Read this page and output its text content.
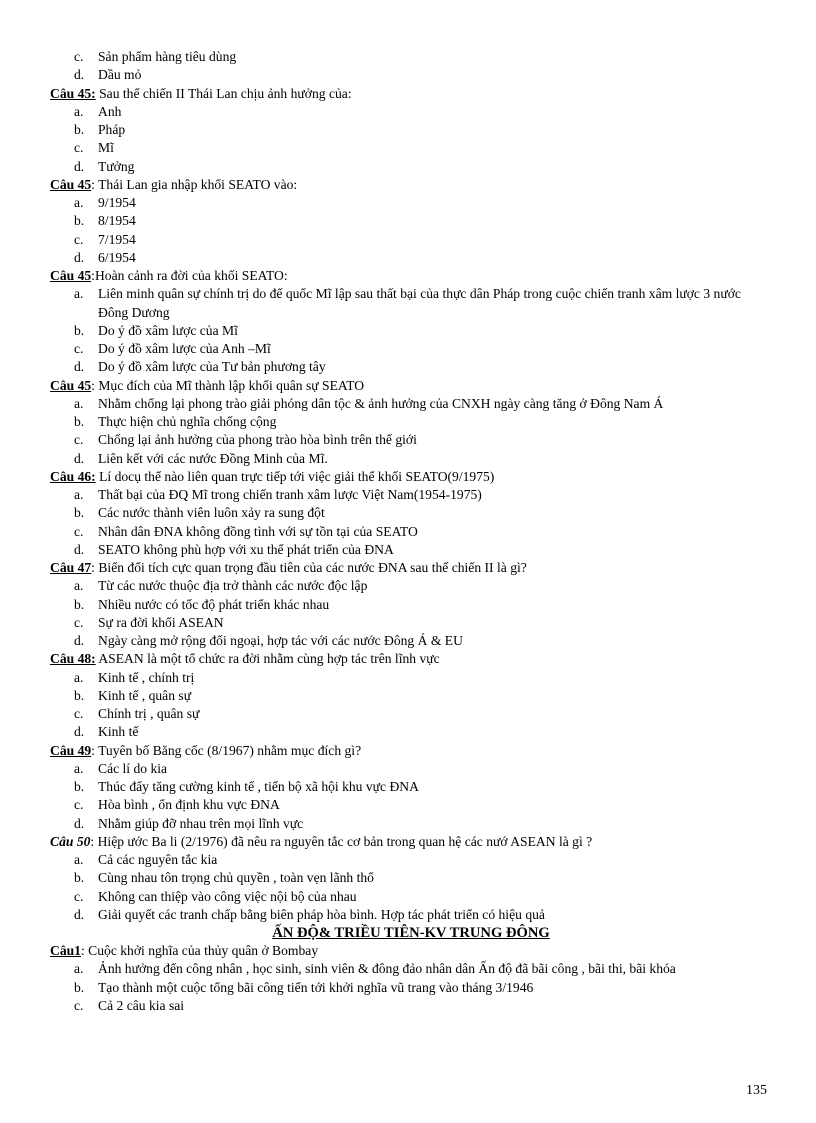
c.	Sản phẩm hàng tiêu dùng
d.	Dầu mỏ

Câu 45: Sau thế chiến II Thái Lan chịu ảnh hưởng của:

a.	Anh
b.	Pháp
c.	Mĩ
d.	Tưởng

Câu 45: Thái Lan gia nhập khối SEATO vào:

a.	9/1954
b.	8/1954
c.	7/1954
d.	6/1954

Câu 45:Hoàn cảnh ra đời của khối SEATO:

a.	Liên minh quân sự chính trị do đế quốc Mĩ lập sau thất bại của thực dân Pháp trong cuộc chiến tranh xâm lược 3 nước Đông Dương
b.	Do ý đồ xâm lược của Mĩ
c.	Do ý đồ xâm lược của Anh –Mĩ
d.	Do ý đồ xâm lược của Tư bản phương tây

Câu 45: Mục đích của Mĩ thành lập khối quân sự SEATO

a.	Nhằm chống lại phong trào giải phóng dân tộc & ảnh hưởng của CNXH ngày càng tăng ở Đông Nam Á
b.	Thực hiện chủ nghĩa chống cộng
c.	Chống lại ảnh hưởng của phong trào hòa bình trên thế giới
d.	Liên kết với các nước Đồng Minh của Mĩ.

Câu 46: Lí docụ thể nào liên quan trực tiếp tới việc giải thể khối SEATO(9/1975)

a.	Thất bại của ĐQ Mĩ trong chiến tranh xâm lược Việt Nam(1954-1975)
b.	Các nước thành viên luôn xảy ra sung đột
c.	Nhân dân ĐNA không đồng tình với sự tồn tại của SEATO
d.	SEATO không phù hợp với xu thế phát triển của ĐNA

Câu 47: Biến đổi tích cực quan trọng đầu tiên của các nước ĐNA sau thế chiến II là gì?

a.	Từ các nước thuộc địa trở thành các nước độc lập
b.	Nhiều nước có tốc độ phát triển khác nhau
c.	Sự ra đời khối ASEAN
d.	Ngày càng mở rộng đối ngoại, hợp tác với các nước Đông Á & EU

Câu 48: ASEAN là một tổ chức ra đời nhằm cùng hợp tác trên lĩnh vực

a.	Kinh tế , chính trị
b.	Kinh tế , quân sự
c.	Chính trị , quân sự
d.	Kinh tế

Câu 49: Tuyên bố Băng cốc (8/1967) nhằm mục đích gì?

a.	Các lí do kia
b.	Thúc đẩy tăng cường kinh tế , tiến bộ xã hội khu vực ĐNA
c.	Hòa bình , ổn định khu vực ĐNA
d.	Nhằm giúp đỡ nhau trên mọi lĩnh vực

Câu 50: Hiệp ước Ba li (2/1976) đã nêu ra nguyên tắc cơ bản trong quan hệ các nướ ASEAN là gì ?

a.	Cả các nguyên tắc kia
b.	Cùng nhau tôn trọng chủ quyền , toàn vẹn lãnh thổ
c.	Không can thiệp vào công việc nội bộ của nhau
d.	Giải quyết các tranh chấp bằng biên pháp hòa bình. Hợp tác phát triển có hiệu quả

ẤN ĐỘ& TRIỀU TIÊN-KV TRUNG ĐÔNG

Câu1: Cuộc khởi nghĩa của thủy quân ở Bombay

a.	Ảnh hưởng đến công nhân , học sinh, sinh viên & đông đảo nhân dân Ấn độ đã bãi công , bãi thi, bãi khóa
b.	Tạo thành một cuộc tổng bãi công tiến tới khởi nghĩa vũ trang vào tháng 3/1946
c.	Cả 2 câu kia sai
135
